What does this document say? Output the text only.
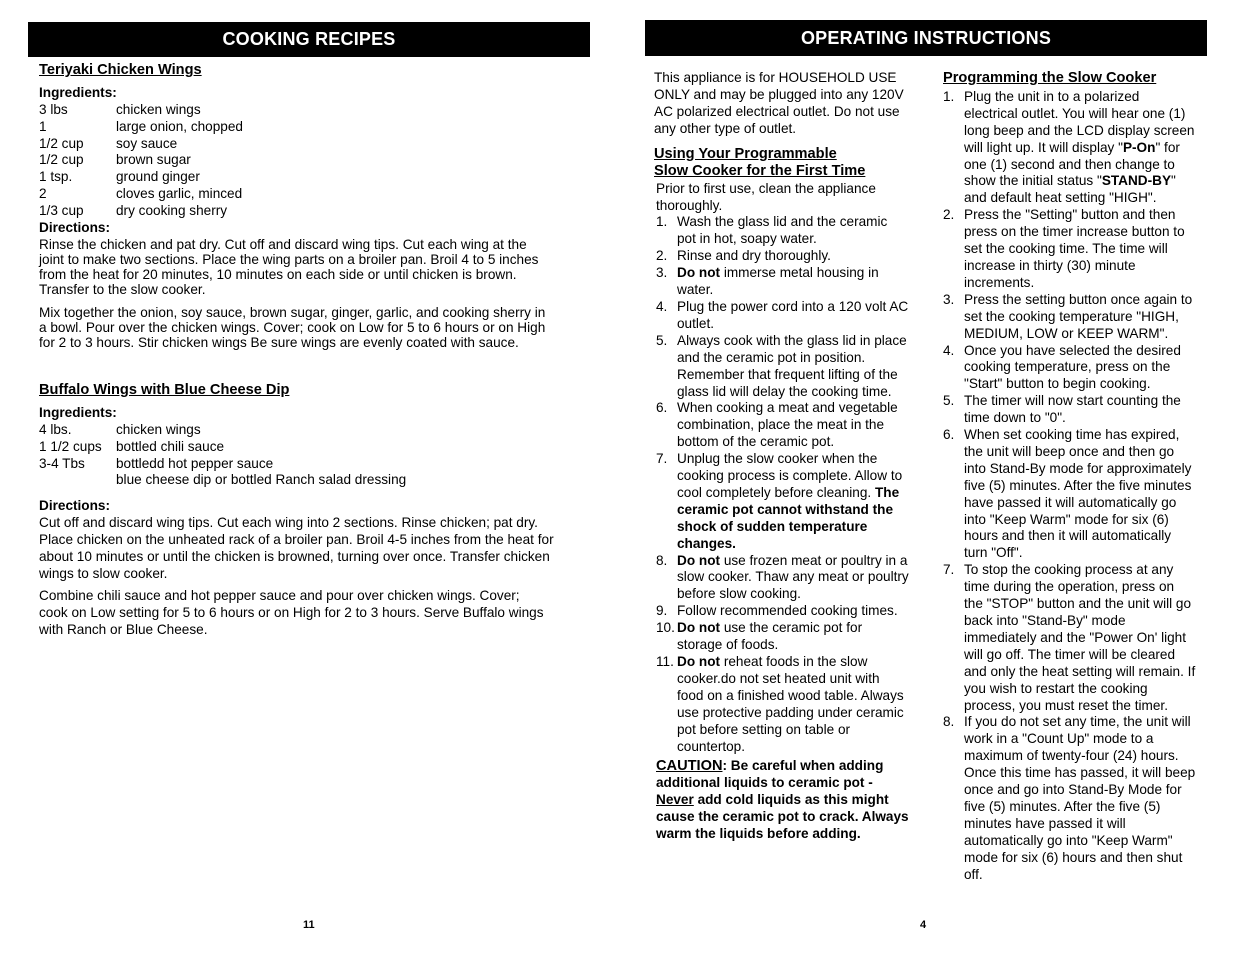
COOKING RECIPES
Teriyaki Chicken Wings
Ingredients:
3 lbs	chicken wings
1	large onion, chopped
1/2 cup	soy sauce
1/2 cup	brown sugar
1 tsp.	ground ginger
2	cloves garlic, minced
1/3 cup	dry cooking sherry
Directions:

Rinse the chicken and pat dry. Cut off and discard wing tips. Cut each wing at the joint to make two sections. Place the wing parts on a broiler pan. Broil 4 to 5 inches from the heat for 20 minutes, 10 minutes on each side or until chicken is brown. Transfer to the slow cooker.

Mix together the onion, soy sauce, brown sugar, ginger, garlic, and cooking sherry in a bowl. Pour over the chicken wings. Cover; cook on Low for 5 to 6 hours or on High for 2 to 3 hours. Stir chicken wings Be sure wings are evenly coated with sauce.

Buffalo Wings with Blue Cheese Dip
Ingredients:
4 lbs.	chicken wings
1 1/2 cups	bottled chili sauce
3-4 Tbs	bottledd hot pepper sauce
blue cheese dip or bottled Ranch salad dressing
Directions:

Cut off and discard wing tips. Cut each wing into 2 sections. Rinse chicken; pat dry. Place chicken on the unheated rack of a broiler pan. Broil 4-5 inches from the heat for about 10 minutes or until the chicken is browned, turning over once. Transfer chicken wings to slow cooker.

Combine chili sauce and hot pepper sauce and pour over chicken wings. Cover; cook on Low setting for 5 to 6 hours or on High for 2 to 3 hours. Serve Buffalo wings with Ranch or Blue Cheese.

11
OPERATING INSTRUCTIONS

This appliance is for HOUSEHOLD USE ONLY and may be plugged into any 120V AC polarized electrical outlet. Do not use any other type of outlet.

Using Your Programmable
Slow Cooker for the First Time

Prior to first use, clean the appliance thoroughly.

1. Wash the glass lid and the ceramic pot in hot, soapy water.
2. Rinse and dry thoroughly.
3. Do not immerse metal housing in water.
4. Plug the power cord into a 120 volt AC outlet.
5. Always cook with the glass lid in place and the ceramic pot in position. Remember that frequent lifting of the glass lid will delay the cooking time.
6. When cooking a meat and vegetable combination, place the meat in the bottom of the ceramic pot.
7. Unplug the slow cooker when the cooking process is complete. Allow to cool completely before cleaning. The ceramic pot cannot withstand the shock of sudden temperature changes.
8. Do not use frozen meat or poultry in a slow cooker. Thaw any meat or poultry before slow cooking.
9. Follow recommended cooking times.
10. Do not use the ceramic pot for storage of foods.
11. Do not reheat foods in the slow cooker.do not set heated unit with food on a finished wood table. Always use protective padding under ceramic pot before setting on table or countertop.

CAUTION: Be careful when adding additional liquids to ceramic pot - Never add cold liquids as this might cause the ceramic pot to crack. Always warm the liquids before adding.

Programming the Slow Cooker
1. Plug the unit in to a polarized electrical outlet. You will hear one (1) long beep and the LCD display screen will light up. It will display "P-On" for one (1) second and then change to show the initial status "STAND-BY" and default heat setting "HIGH".
2. Press the "Setting" button and then press on the timer increase button to set the cooking time. The time will increase in thirty (30) minute increments.
3. Press the setting button once again to set the cooking temperature "HIGH, MEDIUM, LOW or KEEP WARM".
4. Once you have selected the desired cooking temperature, press on the "Start" button to begin cooking.
5. The timer will now start counting the time down to "0".
6. When set cooking time has expired, the unit will beep once and then go into Stand-By mode for approximately five (5) minutes. After the five minutes have passed it will automatically go into "Keep Warm" mode for six (6) hours and then it will automatically turn "Off".
7. To stop the cooking process at any time during the operation, press on the "STOP" button and the unit will go back into "Stand-By" mode immediately and the "Power On' light will go off. The timer will be cleared and only the heat setting will remain. If you wish to restart the cooking process, you must reset the timer.
8. If you do not set any time, the unit will work in a "Count Up" mode to a maximum of twenty-four (24) hours. Once this time has passed, it will beep once and go into Stand-By Mode for five (5) minutes. After the five (5) minutes have passed it will automatically go into "Keep Warm" mode for six (6) hours and then shut off.
4
